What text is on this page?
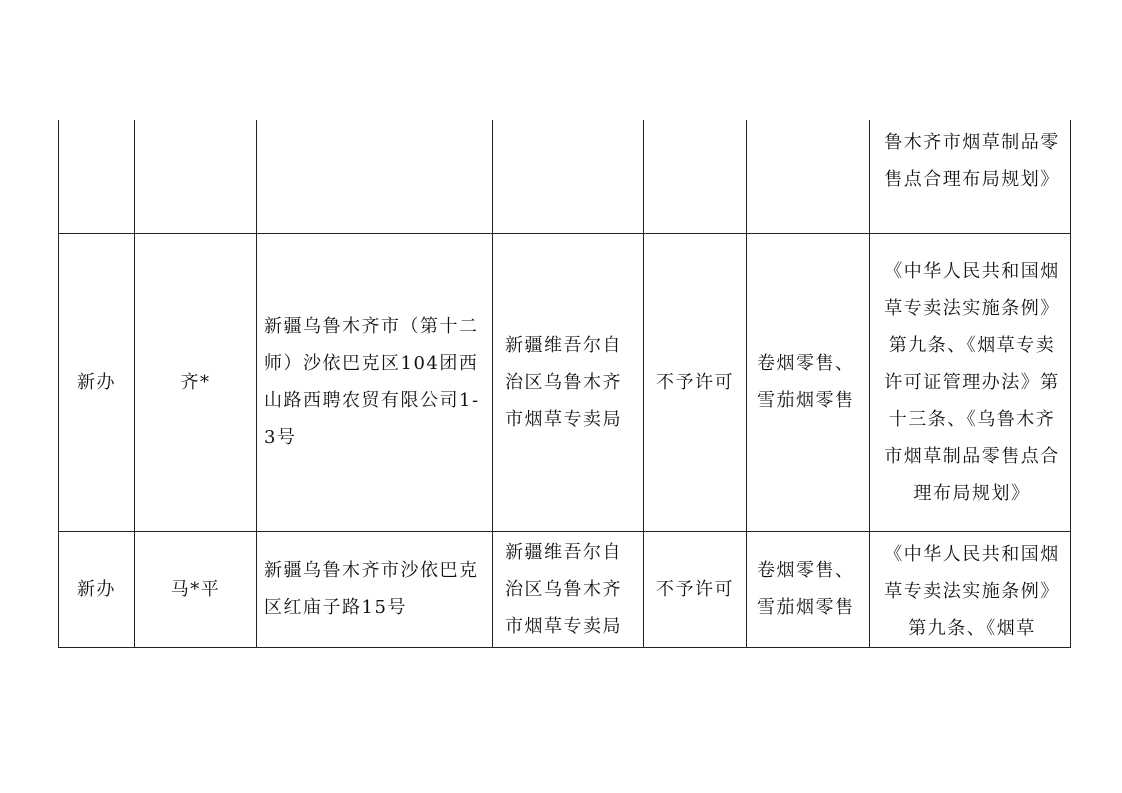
						鲁木齐市烟草制品零售点合理布局规划》
新办	齐*	新疆乌鲁木齐市（第十二师）沙依巴克区104团西山路西聘农贸有限公司1-3号	新疆维吾尔自治区乌鲁木齐市烟草专卖局	不予许可	卷烟零售、雪茄烟零售	《中华人民共和国烟草专卖法实施条例》第九条、《烟草专卖许可证管理办法》第十三条、《乌鲁木齐市烟草制品零售点合理布局规划》
新办	马*平	新疆乌鲁木齐市沙依巴克区红庙子路15号	新疆维吾尔自治区乌鲁木齐市烟草专卖局	不予许可	卷烟零售、雪茄烟零售	《中华人民共和国烟草专卖法实施条例》第九条、《烟草
